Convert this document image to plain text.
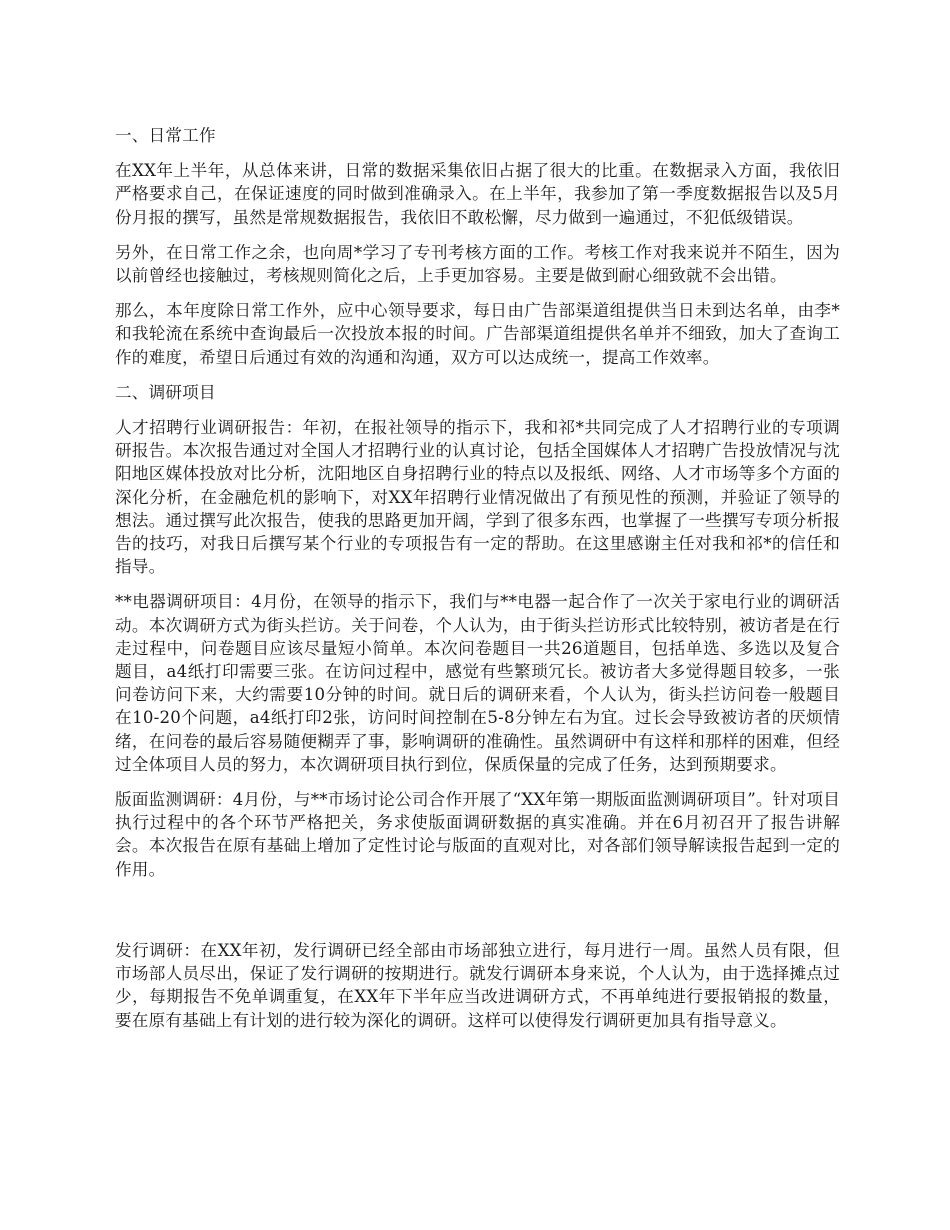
一、日常工作

在XX年上半年，从总体来讲，日常的数据采集依旧占据了很大的比重。在数据录入方面，我依旧严格要求自己，在保证速度的同时做到准确录入。在上半年，我参加了第一季度数据报告以及5月份月报的撰写，虽然是常规数据报告，我依旧不敢松懈，尽力做到一遍通过，不犯低级错误。

另外，在日常工作之余，也向周*学习了专刊考核方面的工作。考核工作对我来说并不陌生，因为以前曾经也接触过，考核规则简化之后，上手更加容易。主要是做到耐心细致就不会出错。

那么，本年度除日常工作外，应中心领导要求，每日由广告部渠道组提供当日未到达名单，由李*和我轮流在系统中查询最后一次投放本报的时间。广告部渠道组提供名单并不细致，加大了查询工作的难度，希望日后通过有效的沟通和沟通，双方可以达成统一，提高工作效率。

二、调研项目

人才招聘行业调研报告：年初，在报社领导的指示下，我和祁*共同完成了人才招聘行业的专项调研报告。本次报告通过对全国人才招聘行业的认真讨论，包括全国媒体人才招聘广告投放情况与沈阳地区媒体投放对比分析，沈阳地区自身招聘行业的特点以及报纸、网络、人才市场等多个方面的深化分析，在金融危机的影响下，对XX年招聘行业情况做出了有预见性的预测，并验证了领导的想法。通过撰写此次报告，使我的思路更加开阔，学到了很多东西，也掌握了一些撰写专项分析报告的技巧，对我日后撰写某个行业的专项报告有一定的帮助。在这里感谢主任对我和祁*的信任和指导。

**电器调研项目：4月份，在领导的指示下，我们与**电器一起合作了一次关于家电行业的调研活动。本次调研方式为街头拦访。关于问卷，个人认为，由于街头拦访形式比较特别，被访者是在行走过程中，问卷题目应该尽量短小简单。本次问卷题目一共26道题目，包括单选、多选以及复合题目，a4纸打印需要三张。在访问过程中，感觉有些繁琐冗长。被访者大多觉得题目较多，一张问卷访问下来，大约需要10分钟的时间。就日后的调研来看，个人认为，街头拦访问卷一般题目在10-20个问题，a4纸打印2张，访问时间控制在5-8分钟左右为宜。过长会导致被访者的厌烦情绪，在问卷的最后容易随便糊弄了事，影响调研的准确性。虽然调研中有这样和那样的困难，但经过全体项目人员的努力，本次调研项目执行到位，保质保量的完成了任务，达到预期要求。

版面监测调研：4月份，与**市场讨论公司合作开展了“XX年第一期版面监测调研项目”。针对项目执行过程中的各个环节严格把关，务求使版面调研数据的真实准确。并在6月初召开了报告讲解会。本次报告在原有基础上增加了定性讨论与版面的直观对比，对各部们领导解读报告起到一定的作用。

发行调研：在XX年初，发行调研已经全部由市场部独立进行，每月进行一周。虽然人员有限，但市场部人员尽出，保证了发行调研的按期进行。就发行调研本身来说，个人认为，由于选择摊点过少，每期报告不免单调重复，在XX年下半年应当改进调研方式，不再单纯进行要报销报的数量，要在原有基础上有计划的进行较为深化的调研。这样可以使得发行调研更加具有指导意义。
